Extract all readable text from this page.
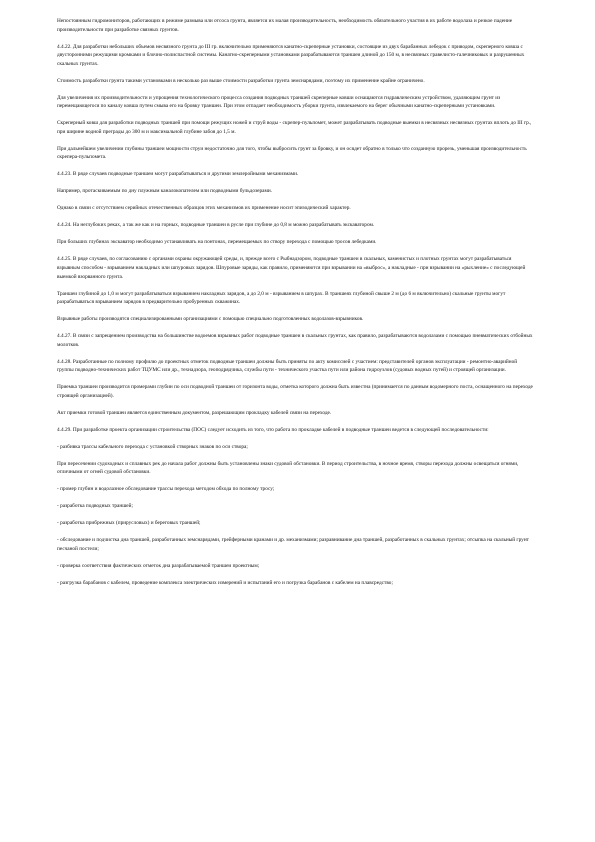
Непостоянным гидромониторов, работающих в режиме размыва или отсоса грунта, является их малая производительность, необходимость обязательного участия в их работе водолаза и резкое падение производительности при разработке связных грунтов.

4.4.22. Для разработки небольших объемов несвязного грунта до III гр. включительно применяются канатно-скреперные установки, состоящие из двух барабанных лебедок с приводом, скреперного ковша с двусторонними режущими кромками и блочно-полиспастной системы. Канатно-скреперными установками разрабатываются траншеи длиной до 150 м, в несвязных гравелисто-галечниковых и разрушенных скальных грунтах.

Стоимость разработки грунта такими установками в несколько раз выше стоимости разработки грунта земснарядами, поэтому их применение крайне ограничено.

Для увеличения их производительности и упрощения технологического процесса создания подводных траншей скреперные ковши оснащаются гидравлическим устройством, удаляющим грунт из перемещающегося по каналу ковша путем смыва его на бровку траншеи. При этом отпадает необходимость уборки грунта, извлекаемого на берег обычными канатно-скреперными установками.

Скреперный ковш для разработки подводных траншей при помощи режущих ножей и струй воды - скрепер-пульпомет, может разрабатывать подводные выемки в несвязных несвязных грунтах вплоть до III гр., при ширине водной преграды до 300 м и максимальной глубине забоя до 1,5 м.

При дальнейшем увеличении глубины траншеи мощности струи недостаточно для того, чтобы выбросить грунт за бровку, и он осядет обратно в только что созданную прорезь, уменьшая производительность скрепера-пульпомета.

4.4.23. В ряде случаев подводные траншеи могут разрабатываться и другими землеройными механизмами.

Например, протаскиваемым по дну плужным каналокопателем или подводными бульдозерами.

Однако в связи с отсутствием серийных отечественных образцов этих механизмов их применение носит эпизодический характер.

4.4.24. На неглубоких реках, а так же как и на горных, подводные траншеи в русле при глубине до 0,8 м можно разрабатывать экскаватором.

При больших глубинах экскаватор необходимо устанавливать на понтонах, перемещаемых по створу перехода с помощью тросов лебедками.

4.4.25. В ряде случаев, по согласованию с органами охраны окружающей среды, и, прежде всего с Рыбнадзором, подводные траншеи в скальных, каменистых и плотных грунтах могут разрабатываться взрывным способом - взрыванием накладных или шпуровых зарядов. Шпуровые заряды, как правило, применяются при взрывании на «выброс», а накладные - при взрывании на «рыхление» с последующей выемкой взорванного грунта.

Траншеи глубиной до 1,0 м могут разрабатываться взрыванием накладных зарядов, а до 2,0 м - взрыванием в шпурах. В траншеях глубиной свыше 2 м (до 6 м включительно) скальные грунты могут разрабатываться взрыванием зарядов в предварительно пробуренных скважинах.

Взрывные работы производятся специализированными организациями с помощью специально подготовленных водолазов-взрывников.

4.4.27. В связи с запрещением производства на большинстве водоемов взрывных работ подводные траншеи в скальных грунтах, как правило, разрабатываются водолазами с помощью пневматических отбойных молотков.

4.4.28. Разработанные по полному профилю до проектных отметок подводные траншеи должны быть приняты по акту комиссией с участием: представителей органов эксплуатации - ремонтно-аварийной группы подводно-технических работ ТЦУМС или др., технадзора, геоподрядчика, службы пути - технического участка пути или района гидроузлов (судовых водных путей) и строящей организации.

Приемка траншеи производится промерами глубин по оси подводной траншеи от горизонта воды, отметка которого должна быть известна (принимается по данным водомерного поста, оснащенного на переходе строящей организацией).

Акт приемки готовой траншеи является единственным документом, разрешающим прокладку кабелей связи на переходе.

4.4.29. При разработке проекта организации строительства (ПОС) следует исходить из того, что работа по прокладке кабелей в подводные траншеи ведется в следующей последовательности:

- разбивка трассы кабельного перехода с установкой створных знаков по оси створа;

При пересечении судоходных и сплавных рек до начала работ должны быть установлены знаки судовой обстановки. В период строительства, в ночное время, створы перехода должны освещаться огнями, отличными от огней судовой обстановки.

- промер глубин и водолазное обследование трассы перехода методом обхода по полному тросу;

- разработка подводных траншей;

- разработка прибрежных (прирусловых) и береговых траншей;

- обследование и подчистка дна траншей, разработанных земснарядами, грейферными кранами и др. механизмами; разравнивание дна траншей, разработанных в скальных грунтах; отсыпка на скальный грунт песчаной постели;

- проверка соответствия фактических отметок дна разрабатываемой траншеи проектным;

- разгрузка барабанов с кабелем, проведение комплекса электрических измерений и испытаний его и погрузка барабанов с кабелем на плавсредство;
